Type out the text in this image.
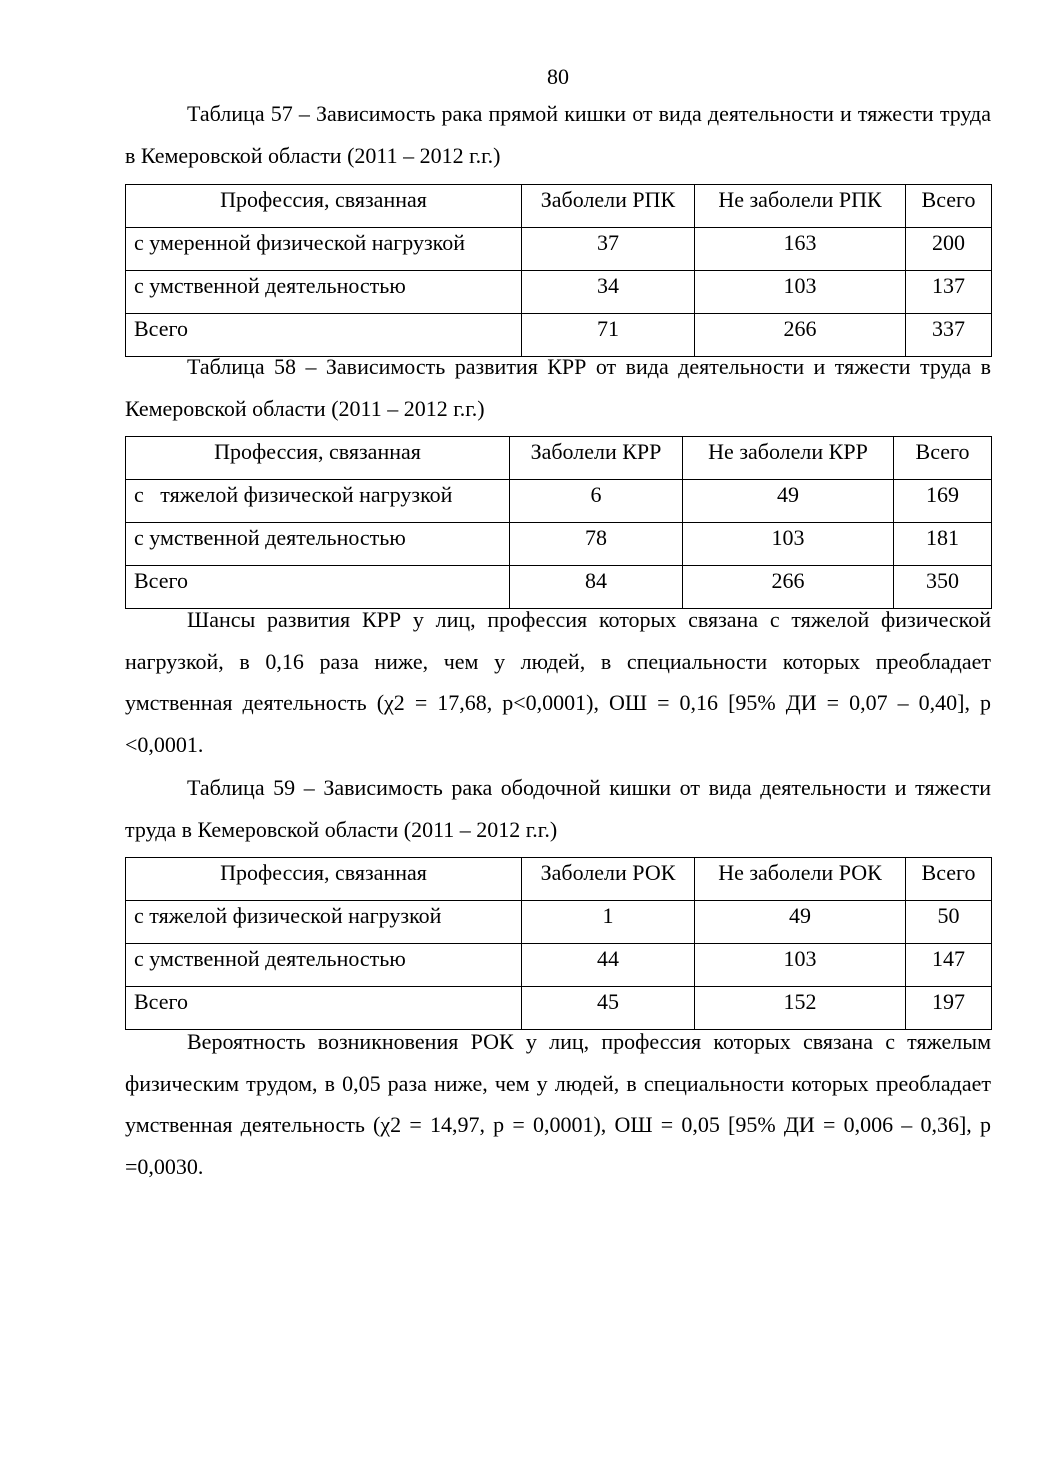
80

Таблица 57 – Зависимость рака прямой кишки от вида деятельности и тяжести труда в Кемеровской области (2011 – 2012 г.г.)

Профессия, связанная	Заболели РПК	Не заболели РПК	Всего
с умеренной физической нагрузкой	37	163	200
с умственной деятельностью	34	103	137
Всего	71	266	337

Таблица 58 – Зависимость развития КРР от вида деятельности и тяжести труда в Кемеровской области (2011 – 2012 г.г.)

Профессия, связанная	Заболели КРР	Не заболели КРР	Всего
с   тяжелой физической нагрузкой	6	49	169
с умственной деятельностью	78	103	181
Всего	84	266	350

Шансы развития КРР у лиц, профессия которых связана с тяжелой физической нагрузкой, в 0,16 раза ниже, чем у людей, в специальности которых преобладает умственная деятельность (χ2 = 17,68, р<0,0001), ОШ = 0,16 [95% ДИ = 0,07 – 0,40], р <0,0001.

Таблица 59 – Зависимость рака ободочной кишки от вида деятельности и тяжести труда в Кемеровской области (2011 – 2012 г.г.)

Профессия, связанная	Заболели РОК	Не заболели РОК	Всего
с тяжелой физической нагрузкой	1	49	50
с умственной деятельностью	44	103	147
Всего	45	152	197

Вероятность возникновения РОК у лиц, профессия которых связана с тяжелым физическим трудом, в 0,05 раза ниже, чем у людей, в специальности которых преобладает умственная деятельность (χ2 = 14,97, р = 0,0001), ОШ = 0,05 [95% ДИ = 0,006 – 0,36], р =0,0030.
